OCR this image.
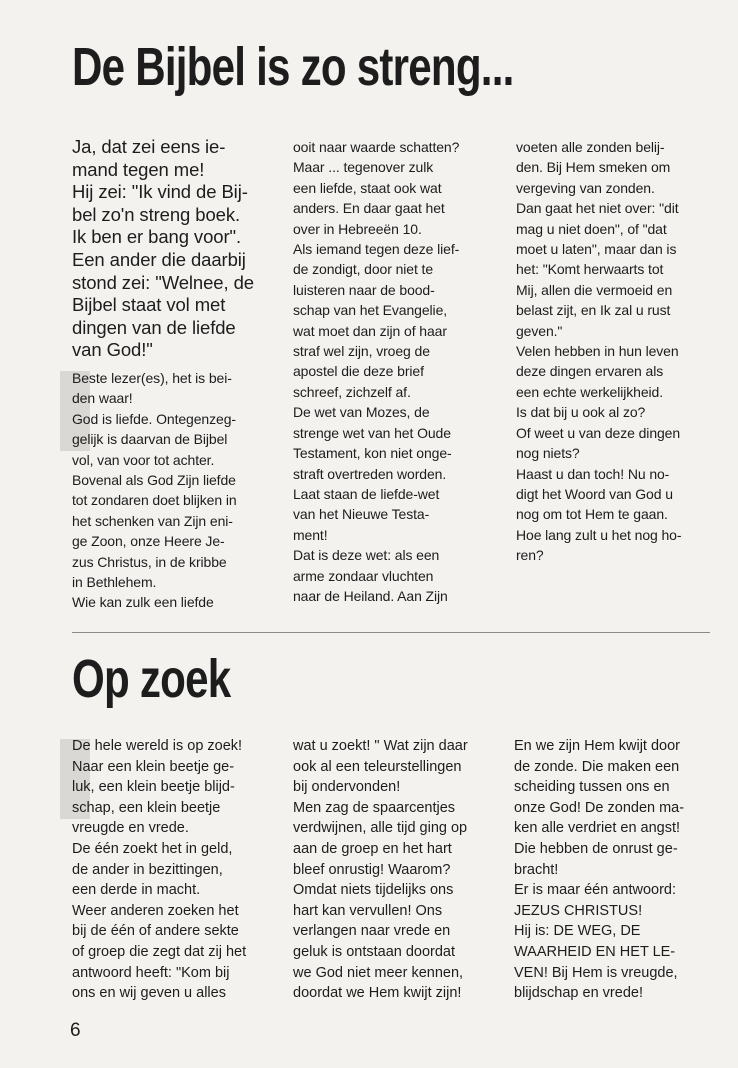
De Bijbel is zo streng...

Ja, dat zei eens ie-
mand tegen me!
Hij zei: "Ik vind de Bij-
bel zo'n streng boek.
Ik ben er bang voor".
Een ander die daarbij
stond zei: "Welnee, de
Bijbel staat vol met
dingen van de liefde
van God!"

Beste lezer(es), het is bei-
den waar!
God is liefde. Ontegenzeg-
gelijk is daarvan de Bijbel
vol, van voor tot achter.
Bovenal als God Zijn liefde
tot zondaren doet blijken in
het schenken van Zijn eni-
ge Zoon, onze Heere Je-
zus Christus, in de kribbe
in Bethlehem.
Wie kan zulk een liefde

ooit naar waarde schatten?
Maar ... tegenover zulk
een liefde, staat ook wat
anders. En daar gaat het
over in Hebreeën 10.
Als iemand tegen deze lief-
de zondigt, door niet te
luisteren naar de bood-
schap van het Evangelie,
wat moet dan zijn of haar
straf wel zijn, vroeg de
apostel die deze brief
schreef, zichzelf af.
De wet van Mozes, de
strenge wet van het Oude
Testament, kon niet onge-
straft overtreden worden.
Laat staan de liefde-wet
van het Nieuwe Testa-
ment!
Dat is deze wet: als een
arme zondaar vluchten
naar de Heiland. Aan Zijn

voeten alle zonden belij-
den. Bij Hem smeken om
vergeving van zonden.
Dan gaat het niet over: "dit
mag u niet doen", of "dat
moet u laten", maar dan is
het: "Komt herwaarts tot
Mij, allen die vermoeid en
belast zijt, en Ik zal u rust
geven."
Velen hebben in hun leven
deze dingen ervaren als
een echte werkelijkheid.
Is dat bij u ook al zo?
Of weet u van deze dingen
nog niets?
Haast u dan toch! Nu no-
digt het Woord van God u
nog om tot Hem te gaan.
Hoe lang zult u het nog ho-
ren?

Op zoek

De hele wereld is op zoek!
Naar een klein beetje ge-
luk, een klein beetje blijd-
schap, een klein beetje
vreugde en vrede.
De één zoekt het in geld,
de ander in bezittingen,
een derde in macht.
Weer anderen zoeken het
bij de één of andere sekte
of groep die zegt dat zij het
antwoord heeft: "Kom bij
ons en wij geven u alles

wat u zoekt! " Wat zijn daar
ook al een teleurstellingen
bij ondervonden!
Men zag de spaarcentjes
verdwijnen, alle tijd ging op
aan de groep en het hart
bleef onrustig! Waarom?
Omdat niets tijdelijks ons
hart kan vervullen! Ons
verlangen naar vrede en
geluk is ontstaan doordat
we God niet meer kennen,
doordat we Hem kwijt zijn!

En we zijn Hem kwijt door
de zonde. Die maken een
scheiding tussen ons en
onze God! De zonden ma-
ken alle verdriet en angst!
Die hebben de onrust ge-
bracht!
Er is maar één antwoord:
JEZUS CHRISTUS!
Hij is: DE WEG, DE
WAARHEID EN HET LE-
VEN! Bij Hem is vreugde,
blijdschap en vrede!

6
